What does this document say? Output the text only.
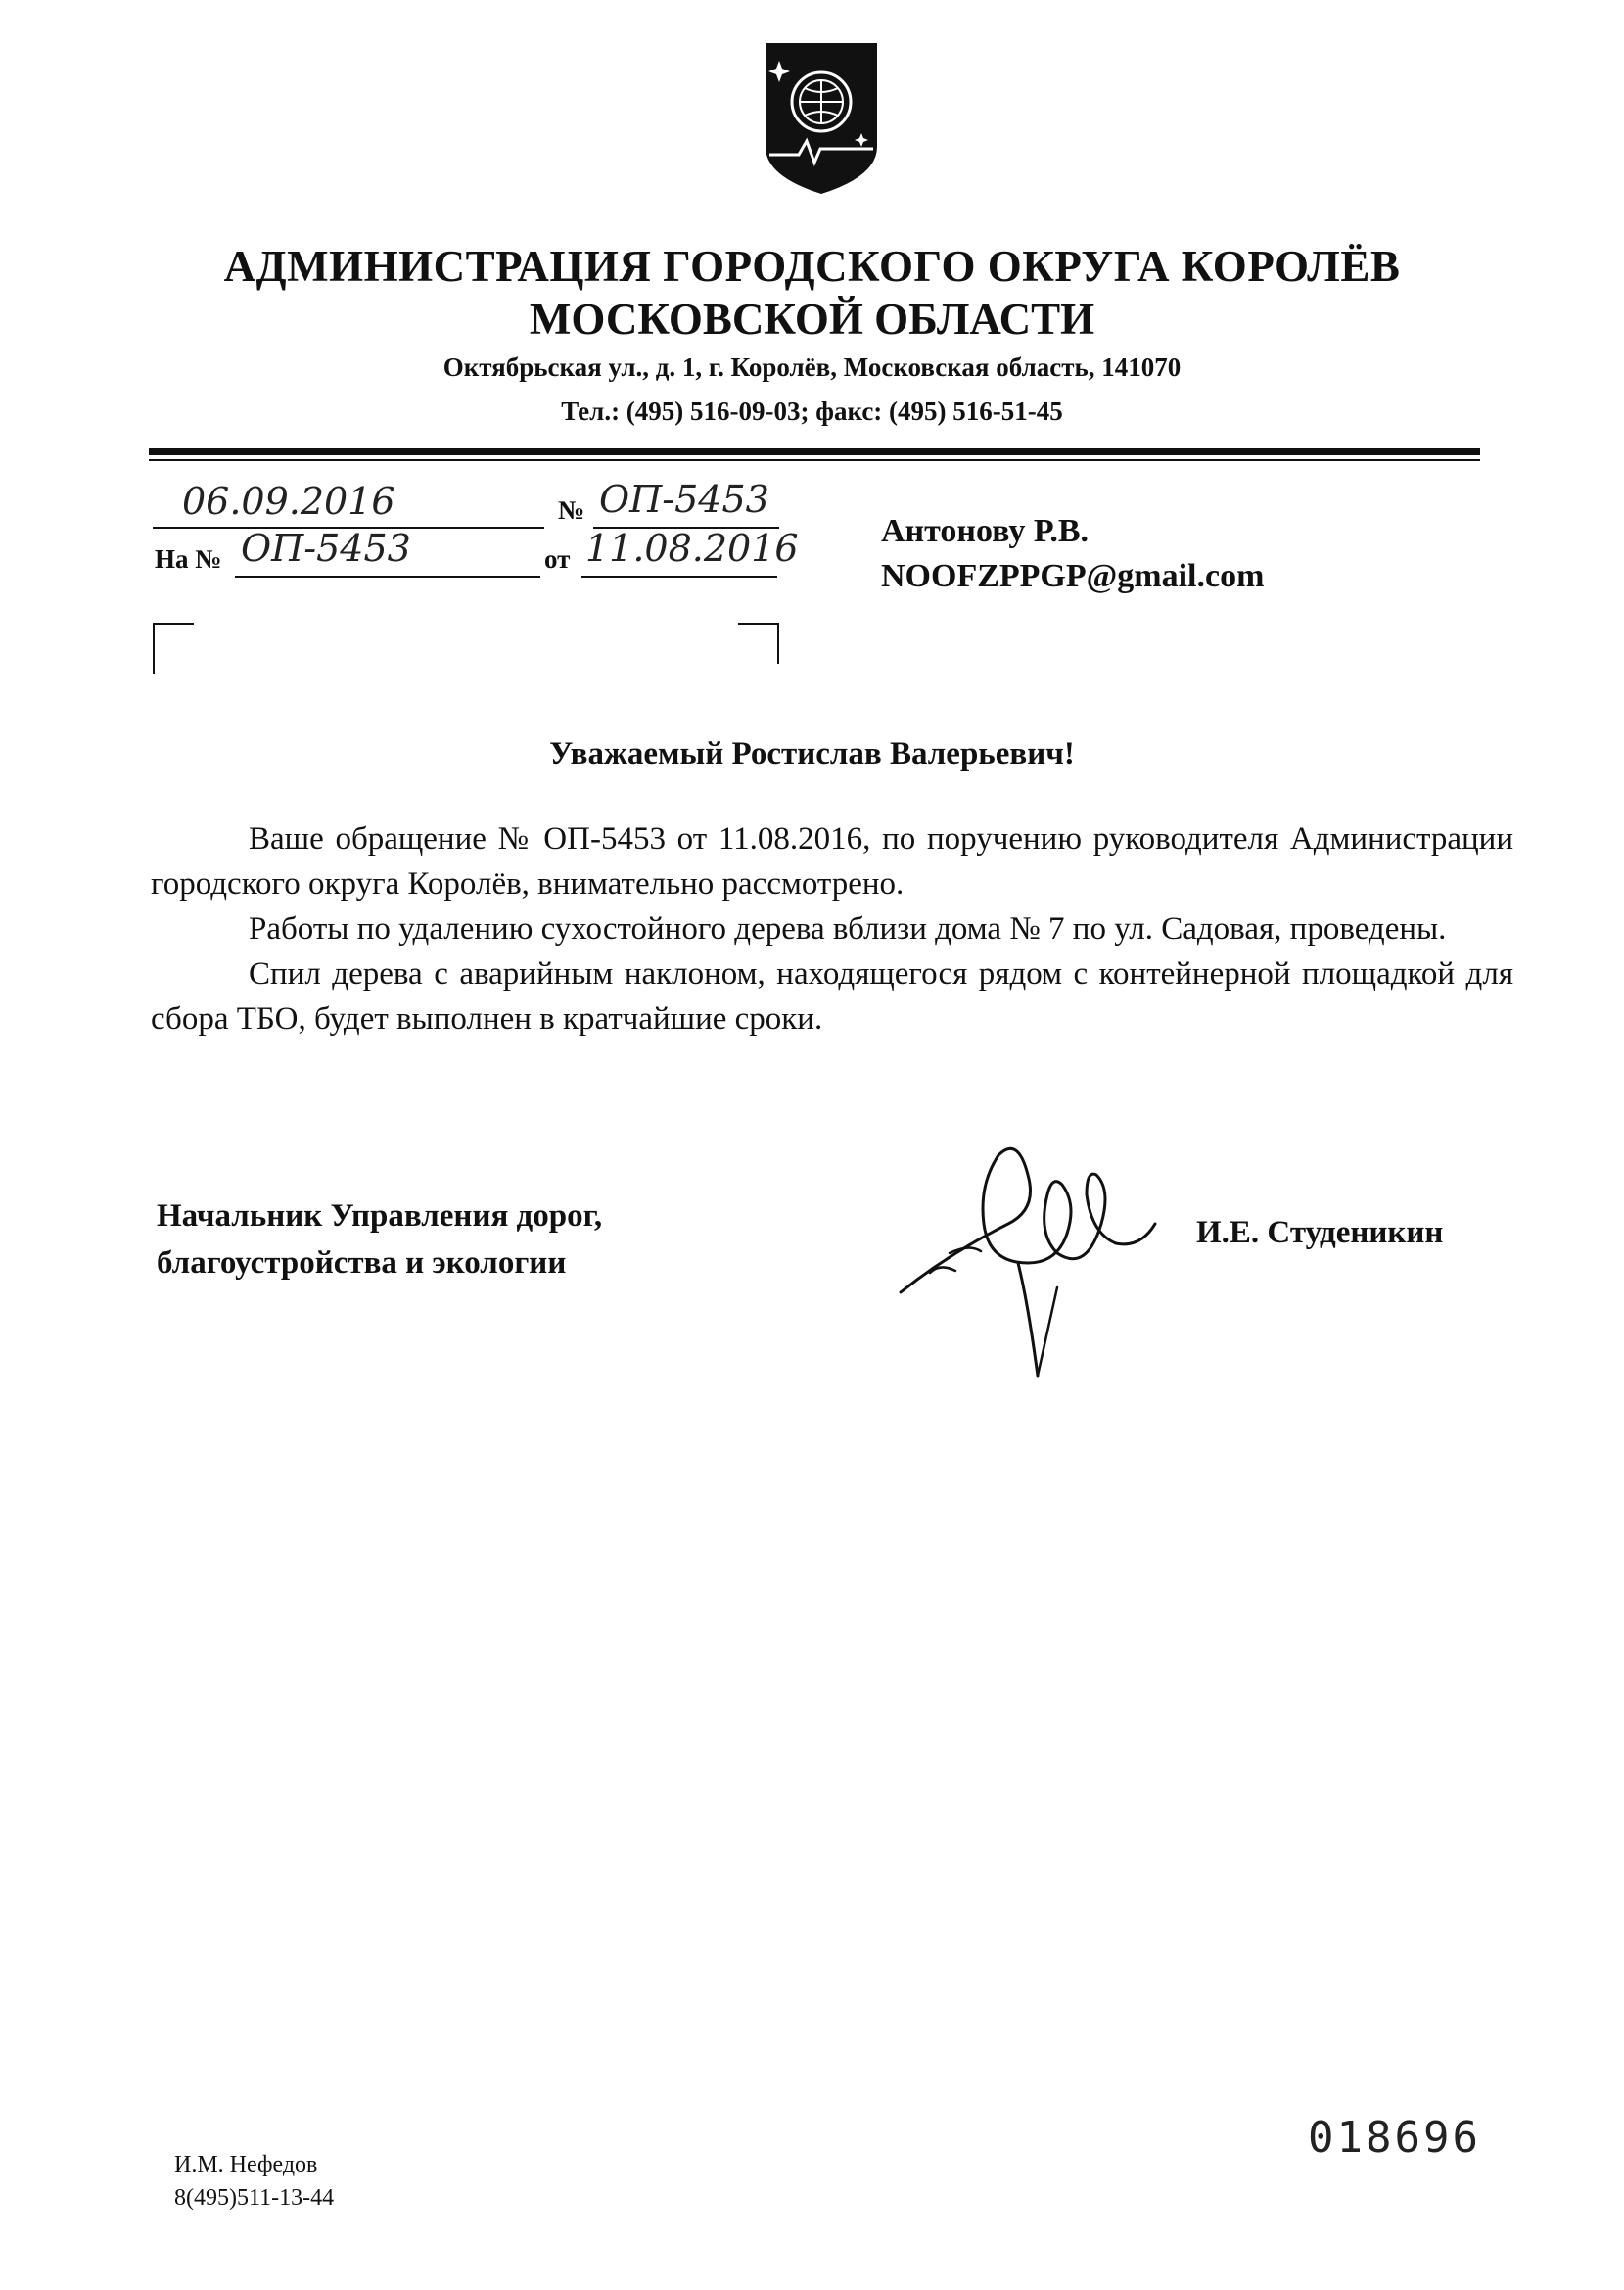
АДМИНИСТРАЦИЯ ГОРОДСКОГО ОКРУГА КОРОЛЁВ
МОСКОВСКОЙ ОБЛАСТИ
Октябрьская ул., д. 1, г. Королёв, Московская область, 141070
Тел.: (495) 516-09-03; факс: (495) 516-51-45
06.09.2016	№ ОП-5453
На № ОП-5453	от 11.08.2016 Антонову Р.В.
NOOFZPPGP@gmail.com
Уважаемый Ростислав Валерьевич!

Ваше обращение № ОП-5453 от 11.08.2016, по поручению руководителя Администрации городского округа Королёв, внимательно рассмотрено.

Работы по удалению сухостойного дерева вблизи дома № 7 по ул. Садовая, проведены.

Спил дерева с аварийным наклоном, находящегося рядом с контейнерной площадкой для сбора ТБО, будет выполнен в кратчайшие сроки.

Начальник Управления дорог,
благоустройства и экологии
И.Е. Студеникин
018696
И.М. Нефедов
8(495)511-13-44
